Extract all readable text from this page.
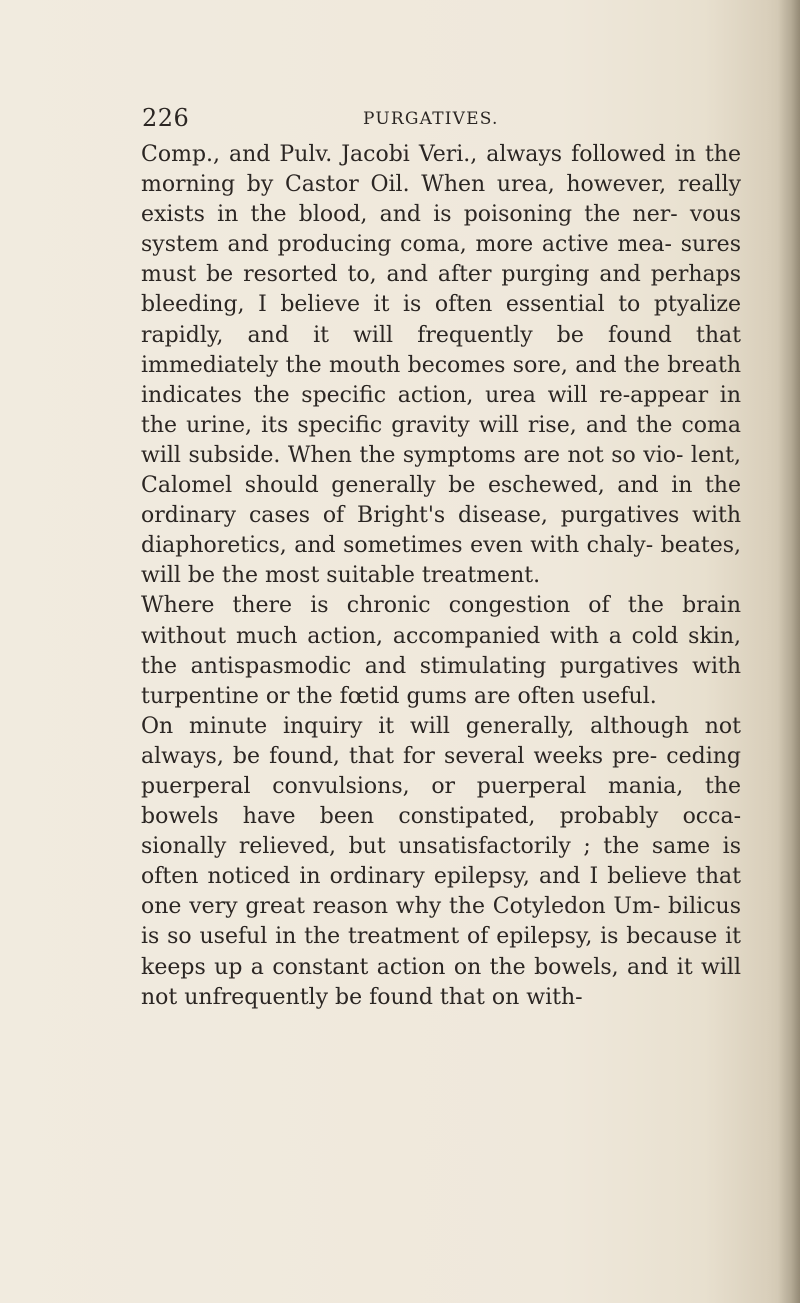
226	PURGATIVES.

Comp., and Pulv. Jacobi Veri., always followed in the morning by Castor Oil. When urea, however, really exists in the blood, and is poisoning the ner- vous system and producing coma, more active mea- sures must be resorted to, and after purging and perhaps bleeding, I believe it is often essential to ptyalize rapidly, and it will frequently be found that immediately the mouth becomes sore, and the breath indicates the specific action, urea will re-appear in the urine, its specific gravity will rise, and the coma will subside. When the symptoms are not so vio- lent, Calomel should generally be eschewed, and in the ordinary cases of Bright's disease, purgatives with diaphoretics, and sometimes even with chaly- beates, will be the most suitable treatment.

Where there is chronic congestion of the brain without much action, accompanied with a cold skin, the antispasmodic and stimulating purgatives with turpentine or the fœtid gums are often useful.

On minute inquiry it will generally, although not always, be found, that for several weeks pre- ceding puerperal convulsions, or puerperal mania, the bowels have been constipated, probably occa- sionally relieved, but unsatisfactorily ; the same is often noticed in ordinary epilepsy, and I believe that one very great reason why the Cotyledon Um- bilicus is so useful in the treatment of epilepsy, is because it keeps up a constant action on the bowels, and it will not unfrequently be found that on with-
